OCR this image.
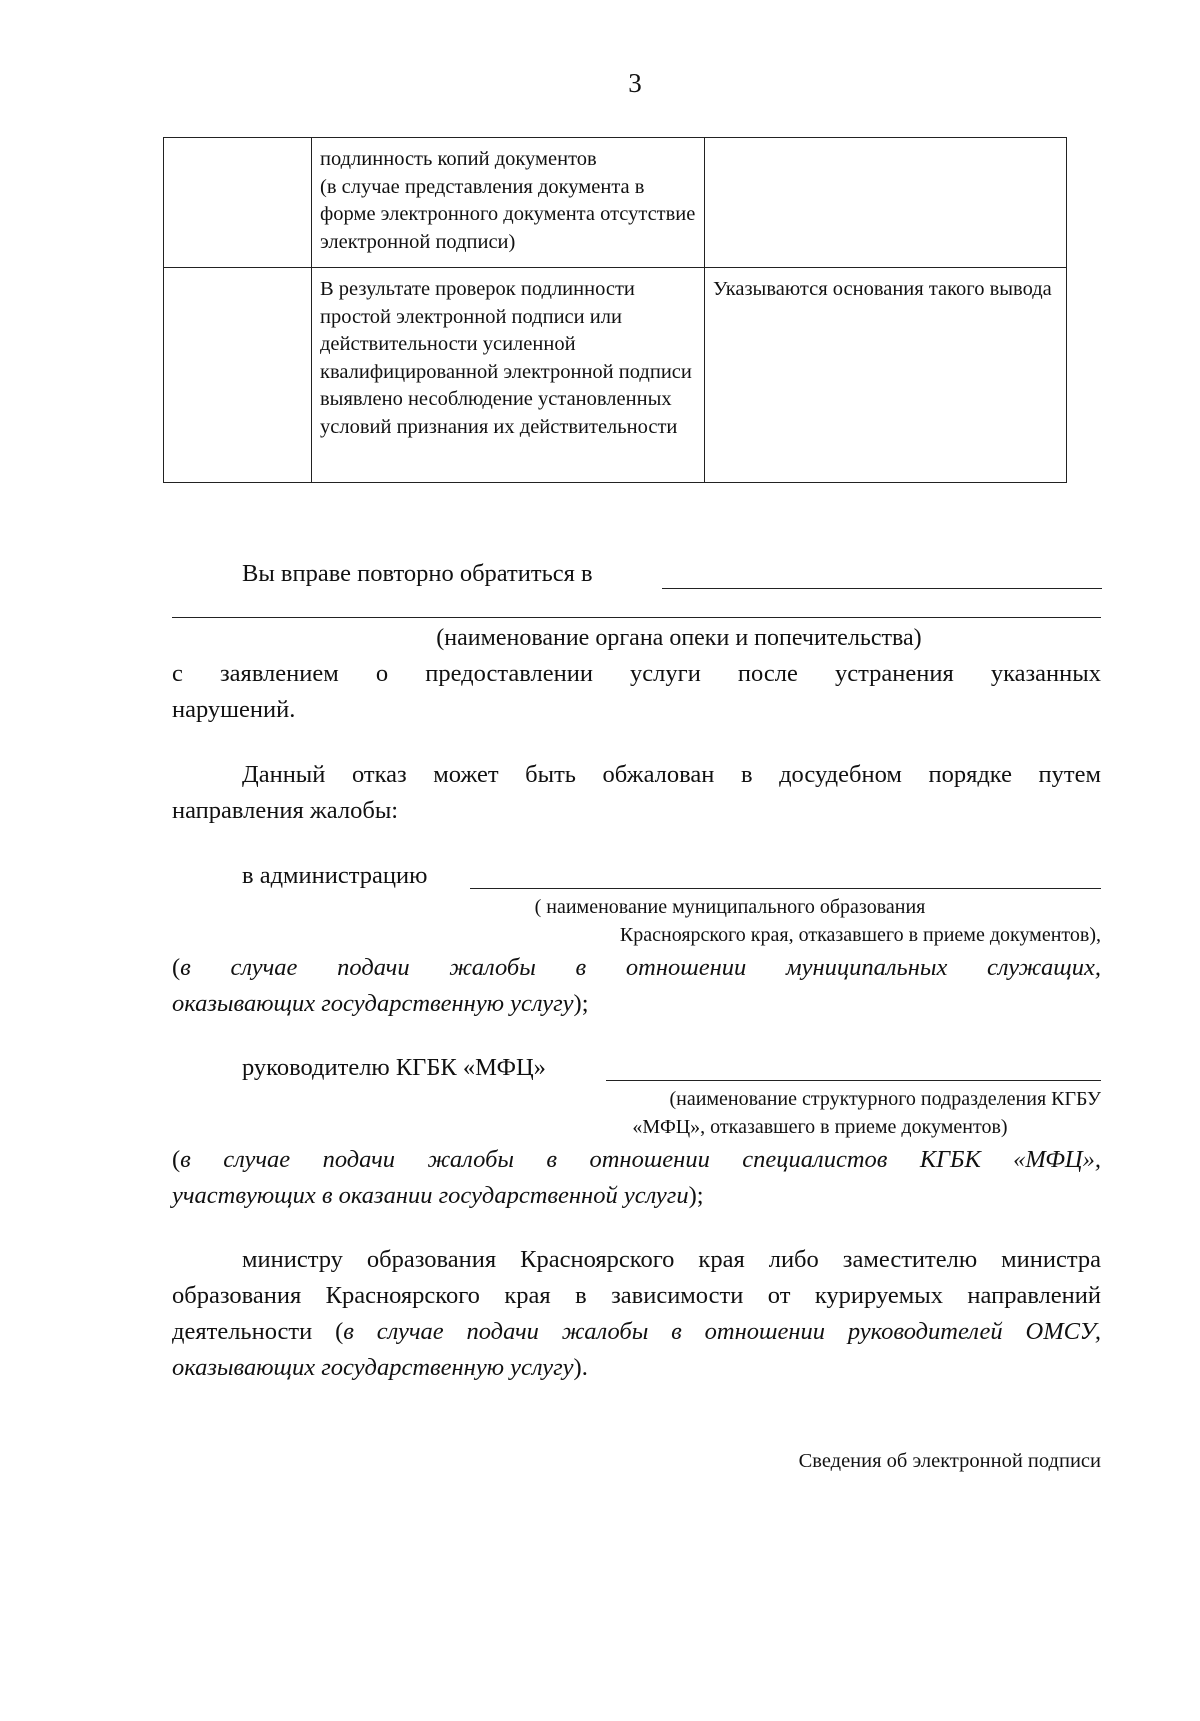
3

	подлинность копий документов
(в случае представления документа в форме электронного документа отсутствие электронной подписи)	

	В результате проверок подлинности простой электронной подписи или действительности усиленной квалифицированной электронной подписи выявлено несоблюдение установленных условий признания их действительности	Указываются основания такого вывода
Вы вправе повторно обратиться в
(наименование органа опеки и попечительства)
с заявлением о предоставлении услуги после устранения указанных
нарушений.
Данный отказ может быть обжалован в досудебном порядке путем
направления жалобы:
в администрацию
( наименование муниципального образования
Красноярского края, отказавшего в приеме документов),
(в случае подачи жалобы в отношении муниципальных служащих,
оказывающих государственную услугу);
руководителю КГБК «МФЦ»
(наименование структурного подразделения КГБУ
«МФЦ», отказавшего в приеме документов)
(в случае подачи жалобы в отношении специалистов КГБК «МФЦ»,
участвующих в оказании государственной услуги);
министру образования Красноярского края либо заместителю министра
образования Красноярского края в зависимости от курируемых направлений
деятельности (в случае подачи жалобы в отношении руководителей ОМСУ,
оказывающих государственную услугу).
Сведения об электронной подписи
